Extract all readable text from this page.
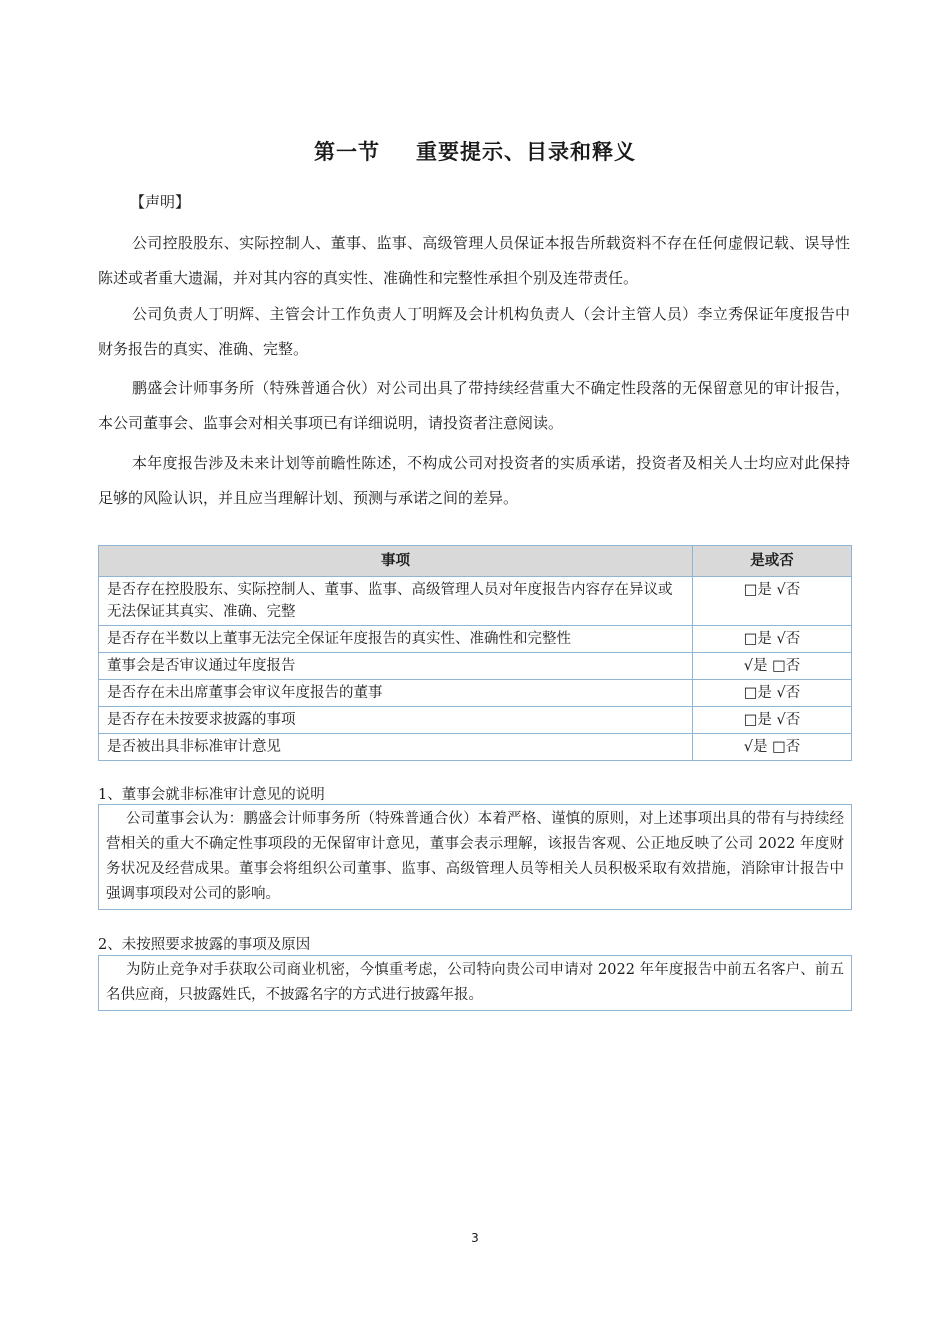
第一节 重要提示、目录和释义
【声明】

公司控股股东、实际控制人、董事、监事、高级管理人员保证本报告所载资料不存在任何虚假记载、误导性陈述或者重大遗漏，并对其内容的真实性、准确性和完整性承担个别及连带责任。

公司负责人丁明辉、主管会计工作负责人丁明辉及会计机构负责人（会计主管人员）李立秀保证年度报告中财务报告的真实、准确、完整。

鹏盛会计师事务所（特殊普通合伙）对公司出具了带持续经营重大不确定性段落的无保留意见的审计报告，本公司董事会、监事会对相关事项已有详细说明，请投资者注意阅读。

本年度报告涉及未来计划等前瞻性陈述，不构成公司对投资者的实质承诺，投资者及相关人士均应对此保持足够的风险认识，并且应当理解计划、预测与承诺之间的差异。

事项	是或否
是否存在控股股东、实际控制人、董事、监事、高级管理人员对年度报告内容存在异议或无法保证其真实、准确、完整	□是 √否
是否存在半数以上董事无法完全保证年度报告的真实性、准确性和完整性	□是 √否
董事会是否审议通过年度报告	√是 □否
是否存在未出席董事会审议年度报告的董事	□是 √否
是否存在未按要求披露的事项	□是 √否
是否被出具非标准审计意见	√是 □否
1、董事会就非标准审计意见的说明
公司董事会认为：鹏盛会计师事务所（特殊普通合伙）本着严格、谨慎的原则，对上述事项出具的带有与持续经营相关的重大不确定性事项段的无保留审计意见，董事会表示理解，该报告客观、公正地反映了公司 2022 年度财务状况及经营成果。董事会将组织公司董事、监事、高级管理人员等相关人员积极采取有效措施，消除审计报告中强调事项段对公司的影响。
2、未按照要求披露的事项及原因
为防止竞争对手获取公司商业机密，今慎重考虑，公司特向贵公司申请对 2022 年年度报告中前五名客户、前五名供应商，只披露姓氏，不披露名字的方式进行披露年报。
3
